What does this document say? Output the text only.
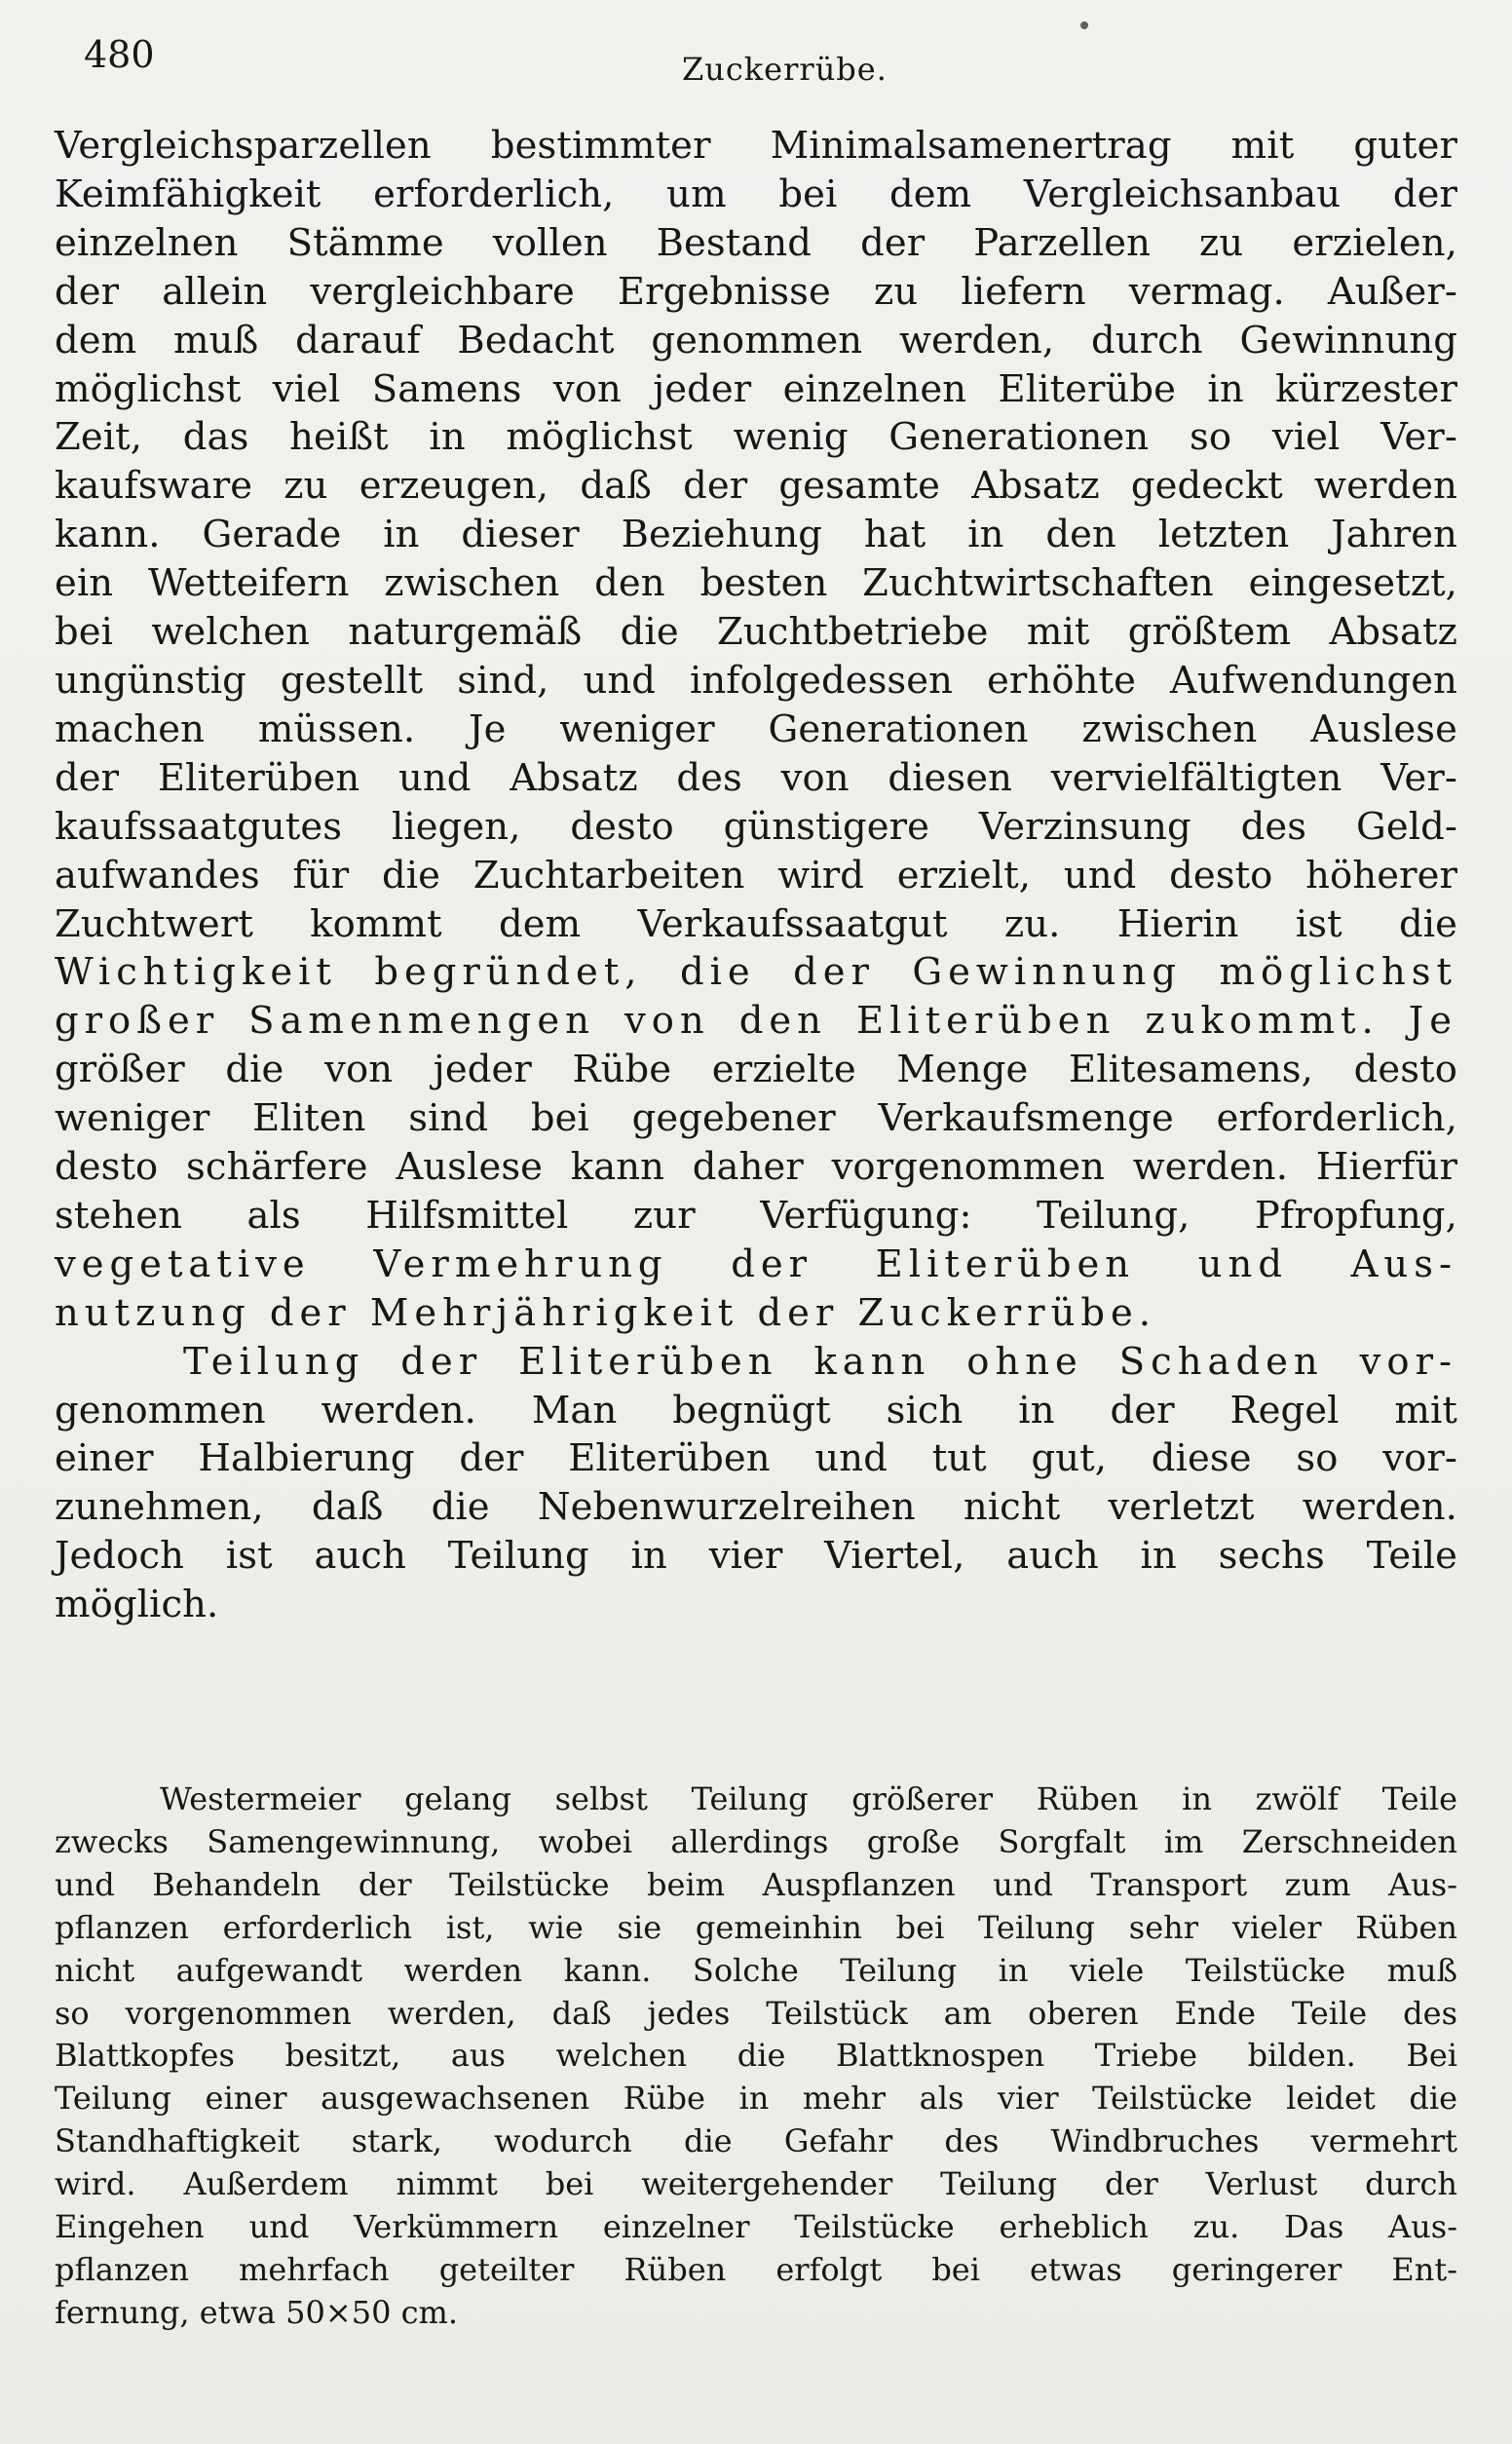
480	Zuckerrübe.
Vergleichsparzellen bestimmter Minimalsamenertrag mit guter
Keimfähigkeit erforderlich, um bei dem Vergleichsanbau der
einzelnen Stämme vollen Bestand der Parzellen zu erzielen,
der allein vergleichbare Ergebnisse zu liefern vermag. Außer-
dem muß darauf Bedacht genommen werden, durch Gewinnung
möglichst viel Samens von jeder einzelnen Eliterübe in kürzester
Zeit, das heißt in möglichst wenig Generationen so viel Ver-
kaufsware zu erzeugen, daß der gesamte Absatz gedeckt werden
kann. Gerade in dieser Beziehung hat in den letzten Jahren
ein Wetteifern zwischen den besten Zuchtwirtschaften eingesetzt,
bei welchen naturgemäß die Zuchtbetriebe mit größtem Absatz
ungünstig gestellt sind, und infolgedessen erhöhte Aufwendungen
machen müssen. Je weniger Generationen zwischen Auslese
der Eliterüben und Absatz des von diesen vervielfältigten Ver-
kaufssaatgutes liegen, desto günstigere Verzinsung des Geld-
aufwandes für die Zuchtarbeiten wird erzielt, und desto höherer
Zuchtwert kommt dem Verkaufssaatgut zu. Hierin ist die
Wichtigkeit begründet, die der Gewinnung möglichst
großer Samenmengen von den Eliterüben zukommt. Je
größer die von jeder Rübe erzielte Menge Elitesamens, desto
weniger Eliten sind bei gegebener Verkaufsmenge erforderlich,
desto schärfere Auslese kann daher vorgenommen werden. Hierfür
stehen als Hilfsmittel zur Verfügung: Teilung, Pfropfung,
vegetative Vermehrung der Eliterüben und Aus-
nutzung der Mehrjährigkeit der Zuckerrübe.
Teilung der Eliterüben kann ohne Schaden vor-
genommen werden. Man begnügt sich in der Regel mit
einer Halbierung der Eliterüben und tut gut, diese so vor-
zunehmen, daß die Nebenwurzelreihen nicht verletzt werden.
Jedoch ist auch Teilung in vier Viertel, auch in sechs Teile
möglich.
Westermeier gelang selbst Teilung größerer Rüben in zwölf Teile
zwecks Samengewinnung, wobei allerdings große Sorgfalt im Zerschneiden
und Behandeln der Teilstücke beim Auspflanzen und Transport zum Aus-
pflanzen erforderlich ist, wie sie gemeinhin bei Teilung sehr vieler Rüben
nicht aufgewandt werden kann. Solche Teilung in viele Teilstücke muß
so vorgenommen werden, daß jedes Teilstück am oberen Ende Teile des
Blattkopfes besitzt, aus welchen die Blattknospen Triebe bilden. Bei
Teilung einer ausgewachsenen Rübe in mehr als vier Teilstücke leidet die
Standhaftigkeit stark, wodurch die Gefahr des Windbruches vermehrt
wird. Außerdem nimmt bei weitergehender Teilung der Verlust durch
Eingehen und Verkümmern einzelner Teilstücke erheblich zu. Das Aus-
pflanzen mehrfach geteilter Rüben erfolgt bei etwas geringerer Ent-
fernung, etwa 50×50 cm.
